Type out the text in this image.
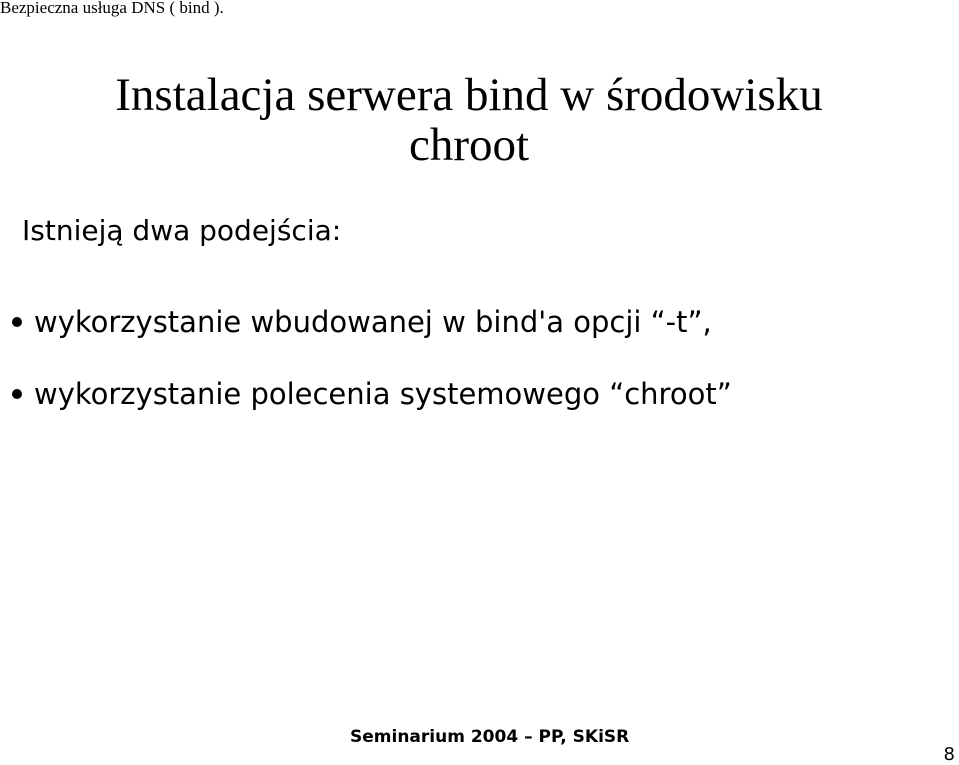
Bezpieczna usługa DNS ( bind ).
Instalacja serwera bind w środowisku
chroot
Istnieją dwa podejścia:
wykorzystanie wbudowanej w bind'a opcji “-t”,
wykorzystanie polecenia systemowego “chroot”
Seminarium 2004 – PP, SKiSR
8
